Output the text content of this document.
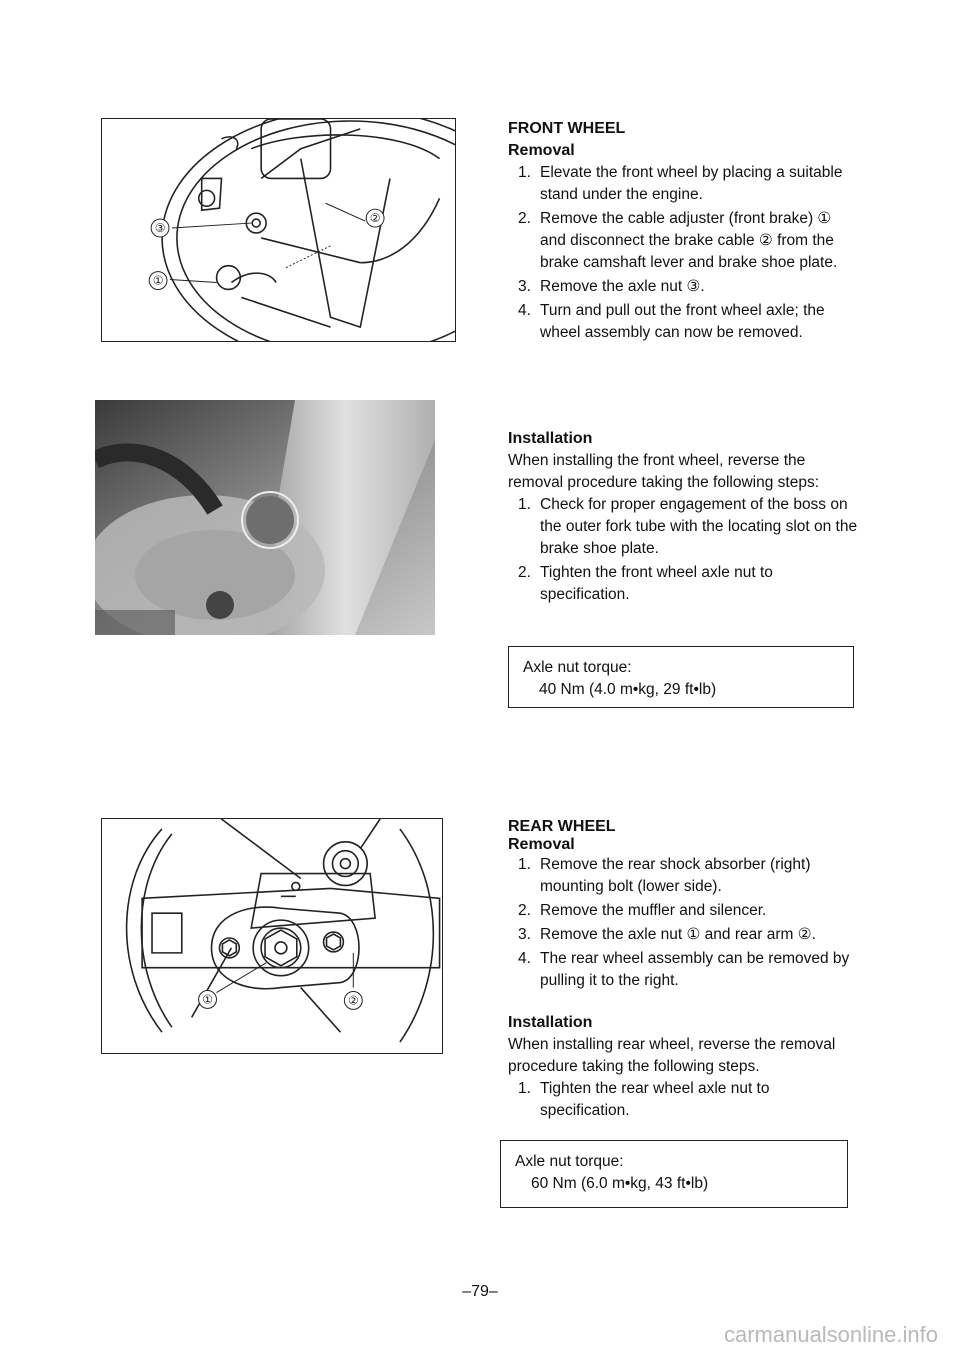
③
②
①
①	②

FRONT WHEEL

Removal

1. Elevate the front wheel by placing a suitable stand under the engine.
2. Remove the cable adjuster (front brake) ① and disconnect the brake cable ② from the brake camshaft lever and brake shoe plate.
3. Remove the axle nut ③.
4. Turn and pull out the front wheel axle; the wheel assembly can now be removed.

Installation

When installing the front wheel, reverse the removal procedure taking the following steps:

1. Check for proper engagement of the boss on the outer fork tube with the locating slot on the brake shoe plate.
2. Tighten the front wheel axle nut to specification.
Axle nut torque:
40 Nm (4.0 m•kg, 29 ft•lb)

REAR WHEEL

Removal

1. Remove the rear shock absorber (right) mounting bolt (lower side).
2. Remove the muffler and silencer.
3. Remove the axle nut ① and rear arm ②.
4. The rear wheel assembly can be removed by pulling it to the right.

Installation

When installing rear wheel, reverse the removal procedure taking the following steps.

1. Tighten the rear wheel axle nut to specification.
Axle nut torque:
60 Nm (6.0 m•kg, 43 ft•lb)
–79–
carmanualsonline.info
